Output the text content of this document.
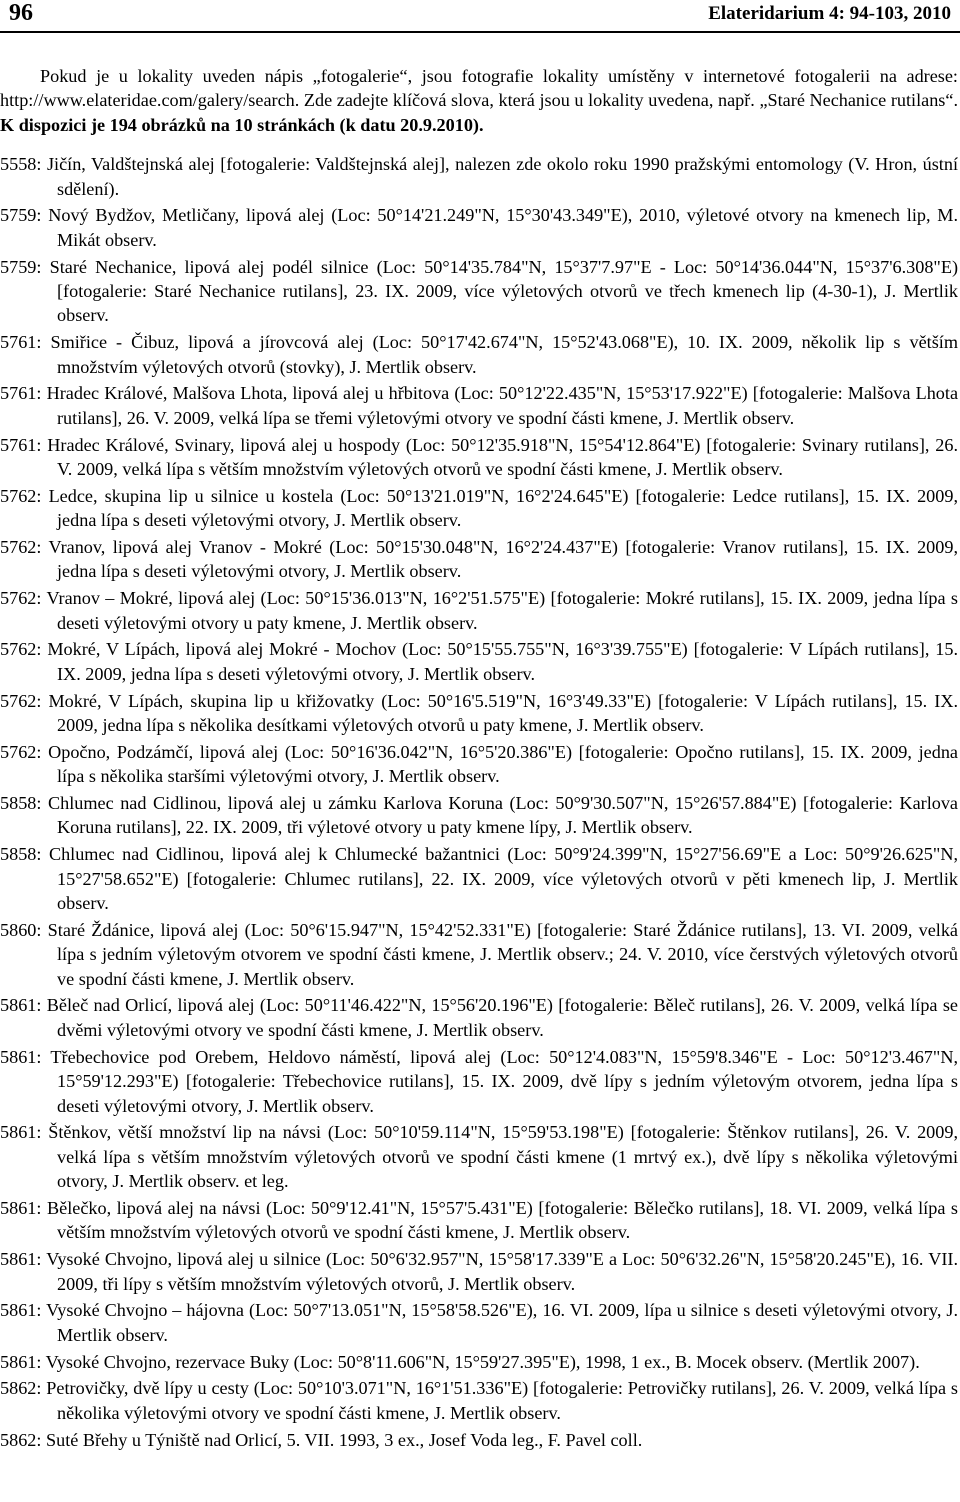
96	Elateridarium 4: 94-103, 2010

Pokud je u lokality uveden nápis „fotogalerie“, jsou fotografie lokality umístěny v internetové fotogalerii na adrese: http://www.elateridae.com/galery/search. Zde zadejte klíčová slova, která jsou u lokality uvedena, např. „Staré Nechanice rutilans“. K dispozici je 194 obrázků na 10 stránkách (k datu 20.9.2010).

5558: Jičín, Valdštejnská alej [fotogalerie: Valdštejnská alej], nalezen zde okolo roku 1990 pražskými entomology (V. Hron, ústní sdělení).
5759: Nový Bydžov, Metličany, lipová alej (Loc: 50°14'21.249"N, 15°30'43.349"E), 2010, výletové otvory na kmenech lip, M. Mikát observ.
5759: Staré Nechanice, lipová alej podél silnice (Loc: 50°14'35.784"N, 15°37'7.97"E - Loc: 50°14'36.044"N, 15°37'6.308"E) [fotogalerie: Staré Nechanice rutilans], 23. IX. 2009, více výletových otvorů ve třech kmenech lip (4-30-1), J. Mertlik observ.
5761: Smiřice - Čibuz, lipová a jírovcová alej (Loc: 50°17'42.674"N, 15°52'43.068"E), 10. IX. 2009, několik lip s větším množstvím výletových otvorů (stovky), J. Mertlik observ.
5761: Hradec Králové, Malšova Lhota, lipová alej u hřbitova (Loc: 50°12'22.435"N, 15°53'17.922"E) [fotogalerie: Malšova Lhota rutilans], 26. V. 2009, velká lípa se třemi výletovými otvory ve spodní části kmene, J. Mertlik observ.
5761: Hradec Králové, Svinary, lipová alej u hospody (Loc: 50°12'35.918"N, 15°54'12.864"E) [fotogalerie: Svinary rutilans], 26. V. 2009, velká lípa s větším množstvím výletových otvorů ve spodní části kmene, J. Mertlik observ.
5762: Ledce, skupina lip u silnice u kostela (Loc: 50°13'21.019"N, 16°2'24.645"E) [fotogalerie: Ledce rutilans], 15. IX. 2009, jedna lípa s deseti výletovými otvory, J. Mertlik observ.
5762: Vranov, lipová alej Vranov - Mokré (Loc: 50°15'30.048"N, 16°2'24.437"E) [fotogalerie: Vranov rutilans], 15. IX. 2009, jedna lípa s deseti výletovými otvory, J. Mertlik observ.
5762: Vranov – Mokré, lipová alej (Loc: 50°15'36.013"N, 16°2'51.575"E) [fotogalerie: Mokré rutilans], 15. IX. 2009, jedna lípa s deseti výletovými otvory u paty kmene, J. Mertlik observ.
5762: Mokré, V Lípách, lipová alej Mokré - Mochov (Loc: 50°15'55.755"N, 16°3'39.755"E) [fotogalerie: V Lípách rutilans], 15. IX. 2009, jedna lípa s deseti výletovými otvory, J. Mertlik observ.
5762: Mokré, V Lípách, skupina lip u křižovatky (Loc: 50°16'5.519"N, 16°3'49.33"E) [fotogalerie: V Lípách rutilans], 15. IX. 2009, jedna lípa s několika desítkami výletových otvorů u paty kmene, J. Mertlik observ.
5762: Opočno, Podzámčí, lipová alej (Loc: 50°16'36.042"N, 16°5'20.386"E) [fotogalerie: Opočno rutilans], 15. IX. 2009, jedna lípa s několika staršími výletovými otvory, J. Mertlik observ.
5858: Chlumec nad Cidlinou, lipová alej u zámku Karlova Koruna (Loc: 50°9'30.507"N, 15°26'57.884"E) [fotogalerie: Karlova Koruna rutilans], 22. IX. 2009, tři výletové otvory u paty kmene lípy, J. Mertlik observ.
5858: Chlumec nad Cidlinou, lipová alej k Chlumecké bažantnici (Loc: 50°9'24.399"N, 15°27'56.69"E a Loc: 50°9'26.625"N, 15°27'58.652"E) [fotogalerie: Chlumec rutilans], 22. IX. 2009, více výletových otvorů v pěti kmenech lip, J. Mertlik observ.
5860: Staré Ždánice, lipová alej (Loc: 50°6'15.947"N, 15°42'52.331"E) [fotogalerie: Staré Ždánice rutilans], 13. VI. 2009, velká lípa s jedním výletovým otvorem ve spodní části kmene, J. Mertlik observ.; 24. V. 2010, více čerstvých výletových otvorů ve spodní části kmene, J. Mertlik observ.
5861: Běleč nad Orlicí, lipová alej (Loc: 50°11'46.422"N, 15°56'20.196"E) [fotogalerie: Běleč rutilans], 26. V. 2009, velká lípa se dvěmi výletovými otvory ve spodní části kmene, J. Mertlik observ.
5861: Třebechovice pod Orebem, Heldovo náměstí, lipová alej (Loc: 50°12'4.083"N, 15°59'8.346"E - Loc: 50°12'3.467"N, 15°59'12.293"E) [fotogalerie: Třebechovice rutilans], 15. IX. 2009, dvě lípy s jedním výletovým otvorem, jedna lípa s deseti výletovými otvory, J. Mertlik observ.
5861: Štěnkov, větší množství lip na návsi (Loc: 50°10'59.114"N, 15°59'53.198"E) [fotogalerie: Štěnkov rutilans], 26. V. 2009, velká lípa s větším množstvím výletových otvorů ve spodní části kmene (1 mrtvý ex.), dvě lípy s několika výletovými otvory, J. Mertlik observ. et leg.
5861: Bělečko, lipová alej na návsi (Loc: 50°9'12.41"N, 15°57'5.431"E) [fotogalerie: Bělečko rutilans], 18. VI. 2009, velká lípa s větším množstvím výletových otvorů ve spodní části kmene, J. Mertlik observ.
5861: Vysoké Chvojno, lipová alej u silnice (Loc: 50°6'32.957"N, 15°58'17.339"E a Loc: 50°6'32.26"N, 15°58'20.245"E), 16. VII. 2009, tři lípy s větším množstvím výletových otvorů, J. Mertlik observ.
5861: Vysoké Chvojno – hájovna (Loc: 50°7'13.051"N, 15°58'58.526"E), 16. VI. 2009, lípa u silnice s deseti výletovými otvory, J. Mertlik observ.
5861: Vysoké Chvojno, rezervace Buky (Loc: 50°8'11.606"N, 15°59'27.395"E), 1998, 1 ex., B. Mocek observ. (Mertlik 2007).
5862: Petrovičky, dvě lípy u cesty (Loc: 50°10'3.071"N, 16°1'51.336"E) [fotogalerie: Petrovičky rutilans], 26. V. 2009, velká lípa s několika výletovými otvory ve spodní části kmene, J. Mertlik observ.
5862: Suté Břehy u Týniště nad Orlicí, 5. VII. 1993, 3 ex., Josef Voda leg., F. Pavel coll.
